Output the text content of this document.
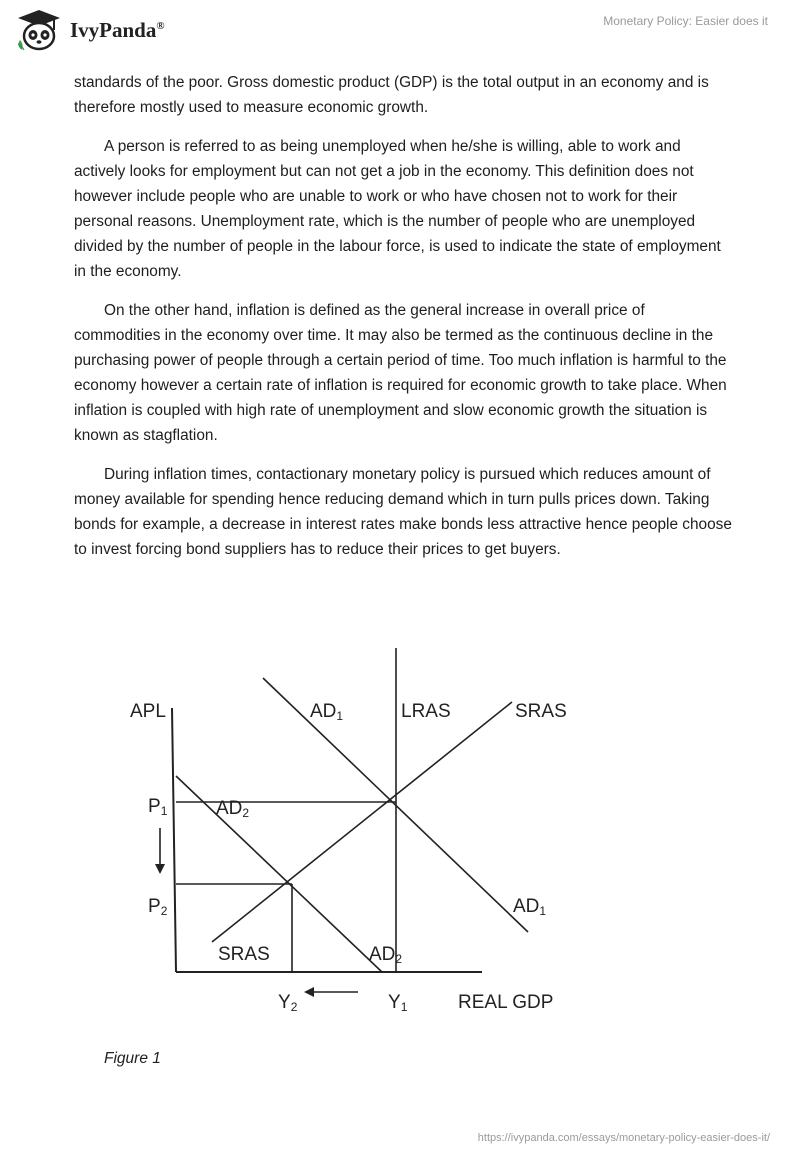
IvyPanda®	Monetary Policy: Easier does it

standards of the poor. Gross domestic product (GDP) is the total output in an economy and is therefore mostly used to measure economic growth.

A person is referred to as being unemployed when he/she is willing, able to work and actively looks for employment but can not get a job in the economy. This definition does not however include people who are unable to work or who have chosen not to work for their personal reasons. Unemployment rate, which is the number of people who are unemployed divided by the number of people in the labour force, is used to indicate the state of employment in the economy.

On the other hand, inflation is defined as the general increase in overall price of commodities in the economy over time. It may also be termed as the continuous decline in the purchasing power of people through a certain period of time. Too much inflation is harmful to the economy however a certain rate of inflation is required for economic growth to take place. When inflation is coupled with high rate of unemployment and slow economic growth the situation is known as stagflation.

During inflation times, contactionary monetary policy is pursued which reduces amount of money available for spending hence reducing demand which in turn pulls prices down. Taking bonds for example, a decrease in interest rates make bonds less attractive hence people choose to invest forcing bond suppliers has to reduce their prices to get buyers.

APL	AD1	LRAS	SRAS
P1	AD2
P2	AD1
SRAS	AD2
Y2	Y1	REAL GDP
Figure 1
https://ivypanda.com/essays/monetary-policy-easier-does-it/
